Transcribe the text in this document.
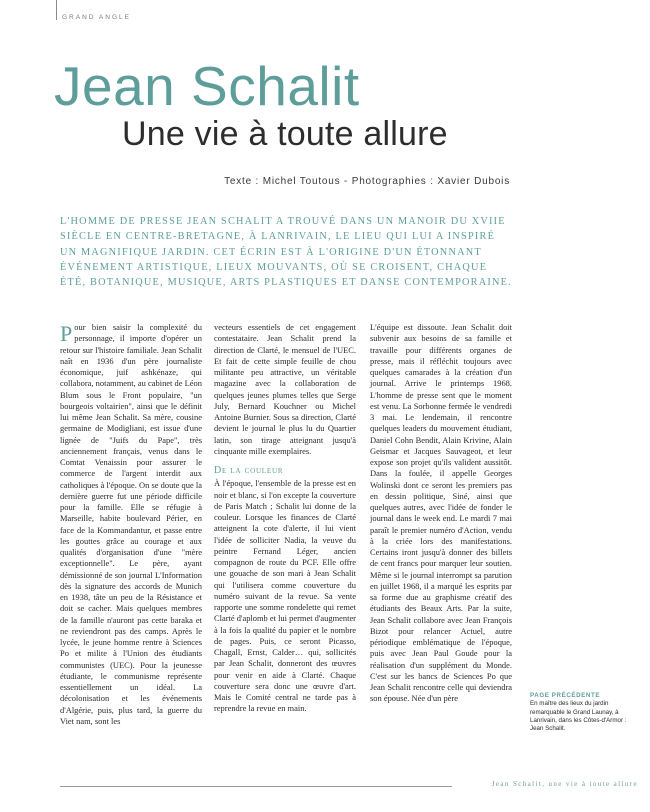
GRAND ANGLE
Jean Schalit
Une vie à toute allure
Texte : Michel Toutous - Photographies : Xavier Dubois
L'HOMME DE PRESSE JEAN SCHALIT A TROUVÉ DANS UN MANOIR DU XVIIE SIÈCLE EN CENTRE-BRETAGNE, À LANRIVAIN, LE LIEU QUI LUI A INSPIRÉ UN MAGNIFIQUE JARDIN. CET ÉCRIN EST À L'ORIGINE D'UN ÉTONNANT ÉVÉNEMENT ARTISTIQUE, LIEUX MOUVANTS, OÙ SE CROISENT, CHAQUE ÉTÉ, BOTANIQUE, MUSIQUE, ARTS PLASTIQUES ET DANSE CONTEMPORAINE.

Pour bien saisir la complexité du personnage, il importe d'opérer un retour sur l'histoire familiale. Jean Schalit naît en 1936 d'un père journaliste économique, juif ashkénaze, qui collabora, notamment, au cabinet de Léon Blum sous le Front populaire, "un bourgeois voltairien", ainsi que le définit lui même Jean Schalit. Sa mère, cousine germaine de Modigliani, est issue d'une lignée de "Juifs du Pape", très anciennement français, venus dans le Comtat Venaissin pour assurer le commerce de l'argent interdit aux catholiques à l'époque. On se doute que la dernière guerre fut une période difficile pour la famille. Elle se réfugie à Marseille, habite boulevard Périer, en face de la Kommandantur, et passe entre les gouttes grâce au courage et aux qualités d'organisation d'une "mère exceptionnelle". Le père, ayant démissionné de son journal L'Information dès la signature des accords de Munich en 1938, tâte un peu de la Résistance et doit se cacher. Mais quelques membres de la famille n'auront pas cette baraka et ne reviendront pas des camps. Après le lycée, le jeune homme rentre à Sciences Po et milite à l'Union des étudiants communistes (UEC). Pour la jeunesse étudiante, le communisme représente essentiellement un idéal. La décolonisation et les événements d'Algérie, puis, plus tard, la guerre du Viet nam, sont les

vecteurs essentiels de cet engagement contestataire. Jean Schalit prend la direction de Clarté, le mensuel de l'UEC. Et fait de cette simple feuille de chou militante peu attractive, un véritable magazine avec la collaboration de quelques jeunes plumes telles que Serge July, Bernard Kouchner ou Michel Antoine Burnier. Sous sa direction, Clarté devient le journal le plus lu du Quartier latin, son tirage atteignant jusqu'à cinquante mille exemplaires.

De la couleur

À l'époque, l'ensemble de la presse est en noir et blanc, si l'on excepte la couverture de Paris Match ; Schalit lui donne de la couleur. Lorsque les finances de Clarté atteignent la cote d'alerte, il lui vient l'idée de solliciter Nadia, la veuve du peintre Fernand Léger, ancien compagnon de route du PCF. Elle offre une gouache de son mari à Jean Schalit qui l'utilisera comme couverture du numéro suivant de la revue. Sa vente rapporte une somme rondelette qui remet Clarté d'aplomb et lui permet d'augmenter à la fois la qualité du papier et le nombre de pages. Puis, ce seront Picasso, Chagall, Ernst, Calder… qui, sollicités par Jean Schalit, donneront des œuvres pour venir en aide à Clarté. Chaque couverture sera donc une œuvre d'art. Mais le Comité central ne tarde pas à reprendre la revue en main.

L'équipe est dissoute. Jean Schalit doit subvenir aux besoins de sa famille et travaille pour différents organes de presse, mais il réfléchit toujours avec quelques camarades à la création d'un journal. Arrive le printemps 1968. L'homme de presse sent que le moment est venu. La Sorbonne fermée le vendredi 3 mai. Le lendemain, il rencontre quelques leaders du mouvement étudiant, Daniel Cohn Bendit, Alain Krivine, Alain Geismar et Jacques Sauvageot, et leur expose son projet qu'ils valident aussitôt. Dans la foulée, il appelle Georges Wolinski dont ce seront les premiers pas en dessin politique, Siné, ainsi que quelques autres, avec l'idée de fonder le journal dans le week end. Le mardi 7 mai paraît le premier numéro d'Action, vendu à la criée lors des manifestations. Certains iront jusqu'à donner des billets de cent francs pour marquer leur soutien. Même si le journal interrompt sa parution en juillet 1968, il a marqué les esprits par sa forme due au graphisme créatif des étudiants des Beaux Arts. Par la suite, Jean Schalit collabore avec Jean François Bizot pour relancer Actuel, autre périodique emblématique de l'époque, puis avec Jean Paul Goude pour la réalisation d'un supplément du Monde. C'est sur les bancs de Sciences Po que Jean Schalit rencontre celle qui deviendra son épouse. Née d'un père	PAGE PRÉCÉDENTE
En maître des lieux du jardin remarquable le Grand Launay, à Lanrivain, dans les Côtes-d'Armor : Jean Schalit.
Jean Schalit, une vie à toute allure
